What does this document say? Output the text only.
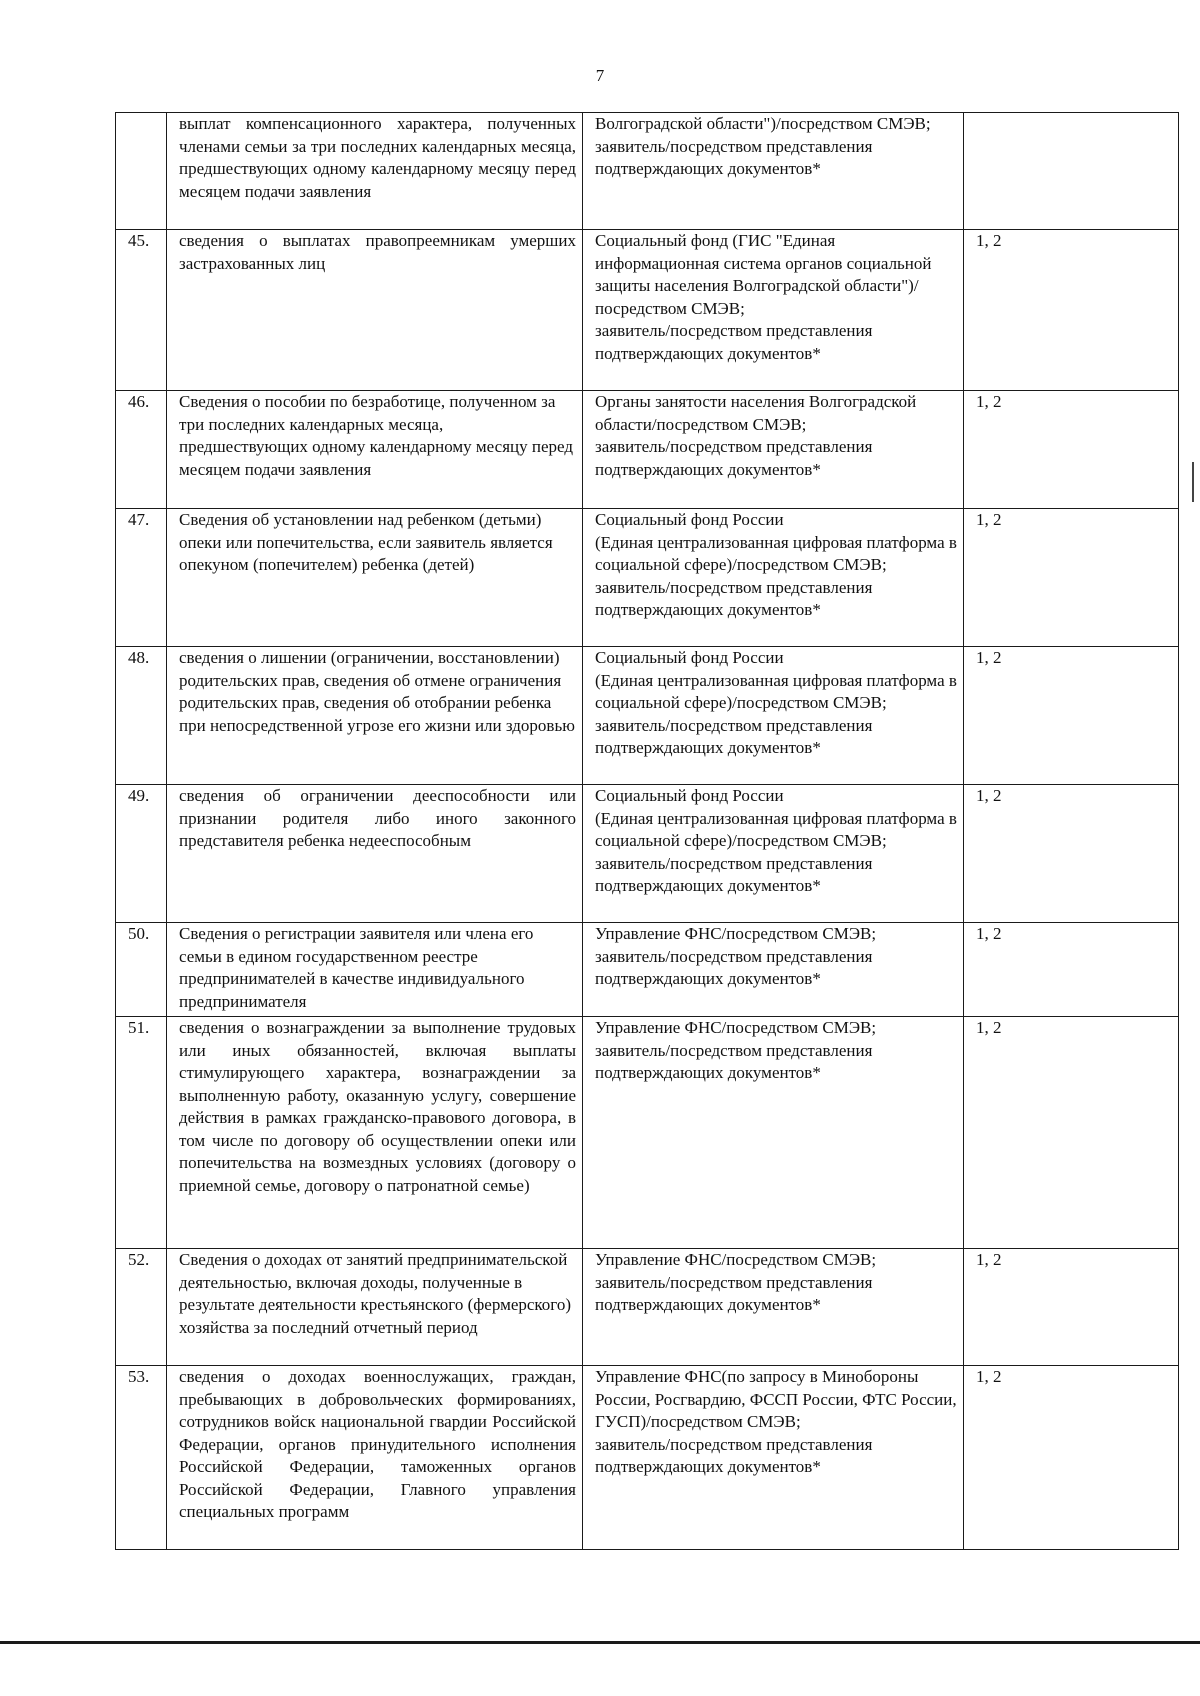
7
	выплат компенсационного характера, полученных членами семьи за три последних календарных месяца, предшествующих одному календарному месяцу перед месяцем подачи заявления	Волгоградской области")/посредством СМЭВ;
заявитель/посредством представления подтверждающих документов*	
45.	сведения о выплатах правопреемникам умерших застрахованных лиц	Социальный фонд (ГИС "Единая информационная система органов социальной защиты населения Волгоградской области")/посредством СМЭВ;
заявитель/посредством представления подтверждающих документов*	1, 2
46.	Сведения о пособии по безработице, полученном за три последних календарных месяца, предшествующих одному календарному месяцу перед месяцем подачи заявления	Органы занятости населения Волгоградской области/посредством СМЭВ;
заявитель/посредством представления подтверждающих документов*	1, 2
47.	Сведения об установлении над ребенком (детьми) опеки или попечительства, если заявитель является опекуном (попечителем) ребенка (детей)	Социальный фонд России
(Единая централизованная цифровая платформа в социальной сфере)/посредством СМЭВ;
заявитель/посредством представления подтверждающих документов*	1, 2
48.	сведения о лишении (ограничении, восстановлении) родительских прав, сведения об отмене ограничения родительских прав, сведения об отобрании ребенка при непосредственной угрозе его жизни или здоровью	Социальный фонд России
(Единая централизованная цифровая платформа в социальной сфере)/посредством СМЭВ;
заявитель/посредством представления подтверждающих документов*	1, 2
49.	сведения об ограничении дееспособности или признании родителя либо иного законного представителя ребенка недееспособным	Социальный фонд России
(Единая централизованная цифровая платформа в социальной сфере)/посредством СМЭВ;
заявитель/посредством представления подтверждающих документов*	1, 2
50.	Сведения о регистрации заявителя или члена его семьи в едином государственном реестре предпринимателей в качестве индивидуального предпринимателя	Управление ФНС/посредством СМЭВ;
заявитель/посредством представления подтверждающих документов*	1, 2
51.	сведения о вознаграждении за выполнение трудовых или иных обязанностей, включая выплаты стимулирующего характера, вознаграждении за выполненную работу, оказанную услугу, совершение действия в рамках гражданско-правового договора, в том числе по договору об осуществлении опеки или попечительства на возмездных условиях (договору о приемной семье, договору о патронатной семье)	Управление ФНС/посредством СМЭВ;
заявитель/посредством представления подтверждающих документов*	1, 2
52.	Сведения о доходах от занятий предпринимательской деятельностью, включая доходы, полученные в результате деятельности крестьянского (фермерского) хозяйства за последний отчетный период	Управление ФНС/посредством СМЭВ;
заявитель/посредством представления подтверждающих документов*	1, 2
53.	сведения о доходах военнослужащих, граждан, пребывающих в добровольческих формированиях, сотрудников войск национальной гвардии Российской Федерации, органов принудительного исполнения Российской Федерации, таможенных органов Российской Федерации, Главного управления специальных программ	Управление ФНС(по запросу в Минобороны России, Росгвардию, ФССП России, ФТС России, ГУСП)/посредством СМЭВ;
заявитель/посредством представления подтверждающих документов*	1, 2
